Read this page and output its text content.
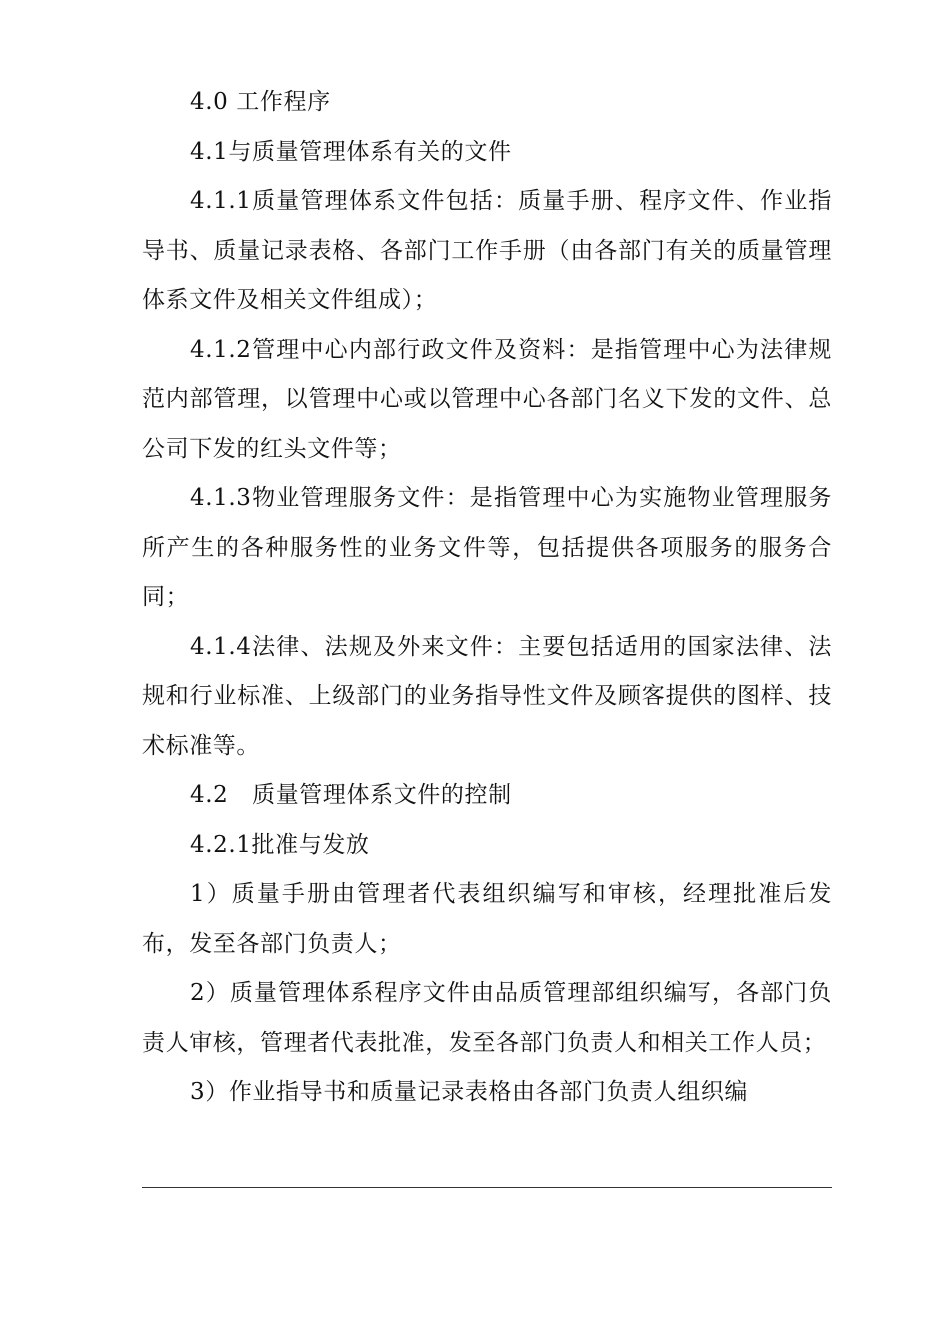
4.0 工作程序

4.1与质量管理体系有关的文件

4.1.1质量管理体系文件包括：质量手册、程序文件、作业指导书、质量记录表格、各部门工作手册（由各部门有关的质量管理体系文件及相关文件组成）；

4.1.2管理中心内部行政文件及资料：是指管理中心为法律规范内部管理，以管理中心或以管理中心各部门名义下发的文件、总公司下发的红头文件等；

4.1.3物业管理服务文件：是指管理中心为实施物业管理服务所产生的各种服务性的业务文件等，包括提供各项服务的服务合同；

4.1.4法律、法规及外来文件：主要包括适用的国家法律、法规和行业标准、上级部门的业务指导性文件及顾客提供的图样、技术标准等。

4.2   质量管理体系文件的控制

4.2.1批准与发放

1）质量手册由管理者代表组织编写和审核，经理批准后发布，发至各部门负责人；

2）质量管理体系程序文件由品质管理部组织编写，各部门负责人审核，管理者代表批准，发至各部门负责人和相关工作人员；

3）作业指导书和质量记录表格由各部门负责人组织编
